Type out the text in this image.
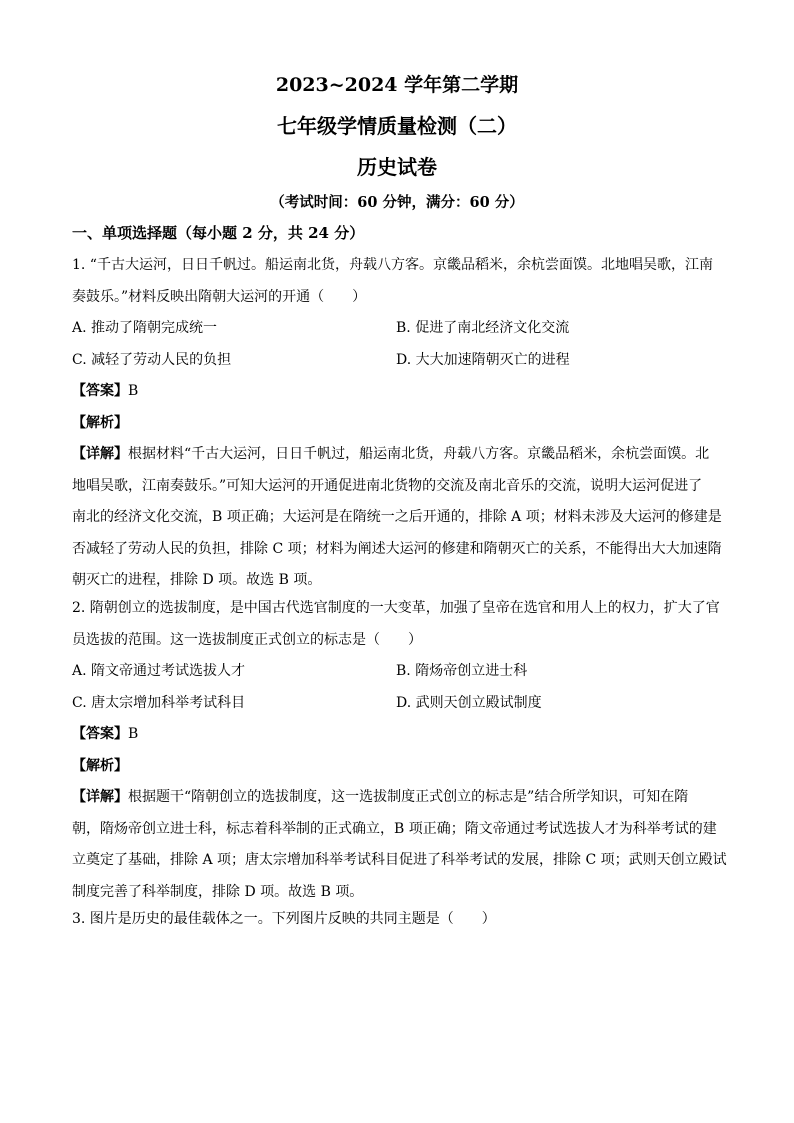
2023~2024 学年第二学期
七年级学情质量检测（二）
历史试卷
（考试时间：60 分钟，满分：60 分）
一、单项选择题（每小题 2 分，共 24 分）
1. “千古大运河，日日千帆过。船运南北货，舟载八方客。京畿品稻米，余杭尝面馍。北地唱吴歌，江南
奏鼓乐。”材料反映出隋朝大运河的开通（　　）
A. 推动了隋朝完成统一	B. 促进了南北经济文化交流
C. 减轻了劳动人民的负担	D. 大大加速隋朝灭亡的进程
【答案】B
【解析】
【详解】根据材料“千古大运河，日日千帆过，船运南北货，舟载八方客。京畿品稻米，余杭尝面馍。北
地唱吴歌，江南奏鼓乐。”可知大运河的开通促进南北货物的交流及南北音乐的交流，说明大运河促进了
南北的经济文化交流，B 项正确；大运河是在隋统一之后开通的，排除 A 项；材料未涉及大运河的修建是
否减轻了劳动人民的负担，排除 C 项；材料为阐述大运河的修建和隋朝灭亡的关系，不能得出大大加速隋
朝灭亡的进程，排除 D 项。故选 B 项。
2. 隋朝创立的选拔制度，是中国古代选官制度的一大变革，加强了皇帝在选官和用人上的权力，扩大了官
员选拔的范围。这一选拔制度正式创立的标志是（　　）
A. 隋文帝通过考试选拔人才	B. 隋炀帝创立进士科
C. 唐太宗增加科举考试科目	D. 武则天创立殿试制度
【答案】B
【解析】
【详解】根据题干“隋朝创立的选拔制度，这一选拔制度正式创立的标志是”结合所学知识，可知在隋
朝，隋炀帝创立进士科，标志着科举制的正式确立，B 项正确；隋文帝通过考试选拔人才为科举考试的建
立奠定了基础，排除 A 项；唐太宗增加科举考试科目促进了科举考试的发展，排除 C 项；武则天创立殿试
制度完善了科举制度，排除 D 项。故选 B 项。
3. 图片是历史的最佳载体之一。下列图片反映的共同主题是（　　）
